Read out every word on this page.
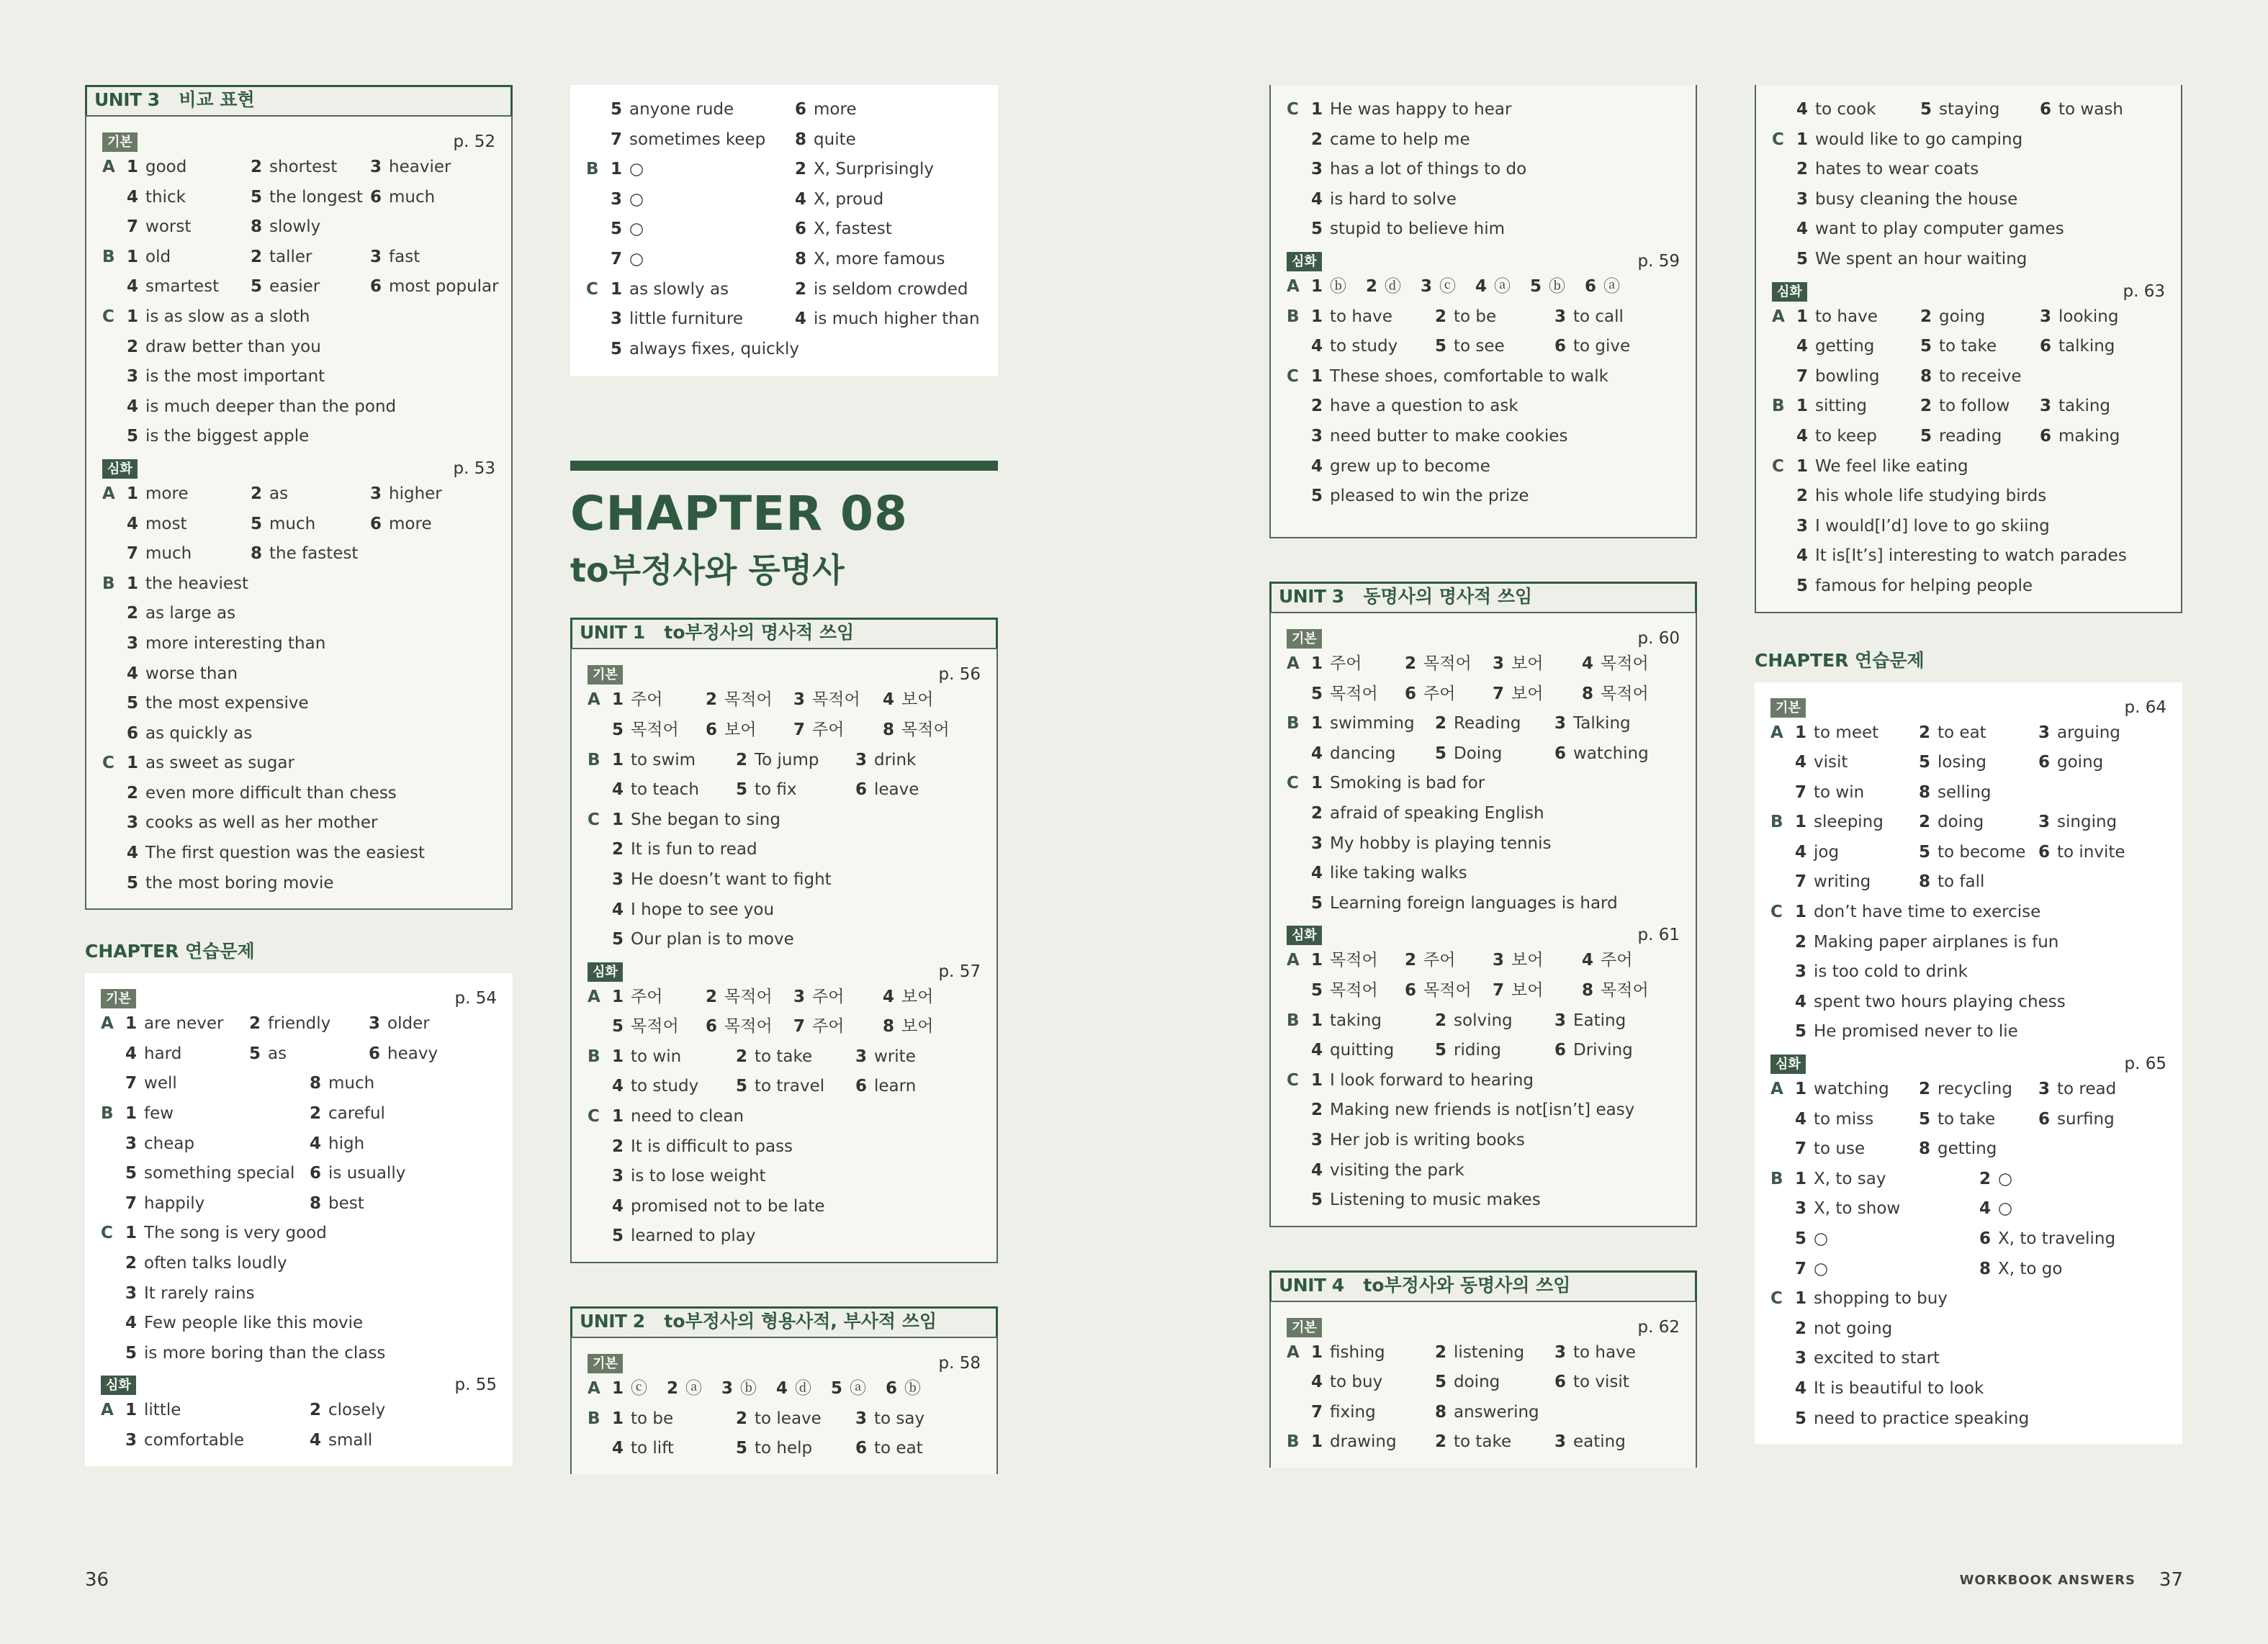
UNIT 3 비교 표현
기본	p. 52
A 1 good	2 shortest 3 heavier
4 thick	5 the longest 6 much
7 worst	8 slowly
B 1 old	2 taller	3 fast
4 smartest 5 easier	6 most popular
C 1 is as slow as a sloth
2 draw better than you
3 is the most important
4 is much deeper than the pond
5 is the biggest apple
심화	p. 53
A 1 more	2 as	3 higher
4 most	5 much	6 more
7 much	8 the fastest
B 1 the heaviest
2 as large as
3 more interesting than
4 worse than
5 the most expensive
6 as quickly as
C 1 as sweet as sugar
2 even more difficult than chess
3 cooks as well as her mother
4 The first question was the easiest
5 the most boring movie
CHAPTER 연습문제
기본	p. 54
A 1 are never 2 friendly 3 older
4 hard	5 as	6 heavy
7 well	8 much
B 1 few	2 careful
3 cheap	4 high
5 something special 6 is usually
7 happily	8 best
C 1 The song is very good
2 often talks loudly
3 It rarely rains
4 Few people like this movie
5 is more boring than the class
심화	p. 55
A 1 little	2 closely
3 comfortable	4 small
5 anyone rude	6 more
7 sometimes keep 8 quite
B 1 ○	2 X, Surprisingly
3 ○	4 X, proud
5 ○	6 X, fastest
7 ○	8 X, more famous
C 1 as slowly as	2 is seldom crowded
3 little furniture	4 is much higher than
5 always fixes, quickly
CHAPTER 08
to부정사와 동명사
UNIT 1 to부정사의 명사적 쓰임
기본	p. 56
A 1 주어	2 목적어 3 목적어 4 보어
5 목적어 6 보어 7 주어 8 목적어
B 1 to swim 2 To jump 3 drink
4 to teach 5 to fix	6 leave
C 1 She began to sing
2 It is fun to read
3 He doesn’t want to fight
4 I hope to see you
5 Our plan is to move
심화	p. 57
A 1 주어	2 목적어 3 주어 4 보어
5 목적어 6 목적어 7 주어 8 보어
B 1 to win	2 to take	3 write
4 to study 5 to travel 6 learn
C 1 need to clean
2 It is difficult to pass
3 is to lose weight
4 promised not to be late
5 learned to play
UNIT 2 to부정사의 형용사적, 부사적 쓰임
기본	p. 58
A 1 ⓒ 2 ⓐ 3 ⓑ 4 ⓓ 5 ⓐ 6 ⓑ
B 1 to be	2 to leave 3 to say
4 to lift	5 to help	6 to eat
C 1 He was happy to hear
2 came to help me
3 has a lot of things to do
4 is hard to solve
5 stupid to believe him
심화	p. 59
A 1 ⓑ 2 ⓓ 3 ⓒ 4 ⓐ 5 ⓑ 6 ⓐ
B 1 to have	2 to be	3 to call
4 to study 5 to see	6 to give
C 1 These shoes, comfortable to walk
2 have a question to ask
3 need butter to make cookies
4 grew up to become
5 pleased to win the prize
UNIT 3 동명사의 명사적 쓰임
기본	p. 60
A 1 주어	2 목적어 3 보어 4 목적어
5 목적어 6 주어 7 보어 8 목적어
B 1 swimming 2 Reading 3 Talking
4 dancing 5 Doing	6 watching
C 1 Smoking is bad for
2 afraid of speaking English
3 My hobby is playing tennis
4 like taking walks
5 Learning foreign languages is hard
심화	p. 61
A 1 목적어 2 주어 3 보어 4 주어
5 목적어 6 목적어 7 보어 8 목적어
B 1 taking	2 solving	3 Eating
4 quitting 5 riding	6 Driving
C 1 I look forward to hearing
2 Making new friends is not[isn’t] easy
3 Her job is writing books
4 visiting the park
5 Listening to music makes
UNIT 4 to부정사와 동명사의 쓰임
기본	p. 62
A 1 fishing	2 listening 3 to have
4 to buy	5 doing	6 to visit
7 fixing	8 answering
B 1 drawing 2 to take	3 eating
4 to cook	5 staying 6 to wash
C 1 would like to go camping
2 hates to wear coats
3 busy cleaning the house
4 want to play computer games
5 We spent an hour waiting
심화	p. 63
A 1 to have	2 going	3 looking
4 getting	5 to take	6 talking
7 bowling 8 to receive
B 1 sitting	2 to follow 3 taking
4 to keep	5 reading 6 making
C 1 We feel like eating
2 his whole life studying birds
3 I would[I’d] love to go skiing
4 It is[It’s] interesting to watch parades
5 famous for helping people
CHAPTER 연습문제
기본	p. 64
A 1 to meet 2 to eat	3 arguing
4 visit	5 losing	6 going
7 to win	8 selling
B 1 sleeping 2 doing	3 singing
4 jog	5 to become 6 to invite
7 writing	8 to fall
C 1 don’t have time to exercise
2 Making paper airplanes is fun
3 is too cold to drink
4 spent two hours playing chess
5 He promised never to lie
심화	p. 65
A 1 watching 2 recycling 3 to read
4 to miss	5 to take	6 surfing
7 to use	8 getting
B 1 X, to say	2 ○
3 X, to show	4 ○
5 ○	6 X, to traveling
7 ○	8 X, to go
C 1 shopping to buy
2 not going
3 excited to start
4 It is beautiful to look
5 need to practice speaking
36	WORKBOOK ANSWERS 37
